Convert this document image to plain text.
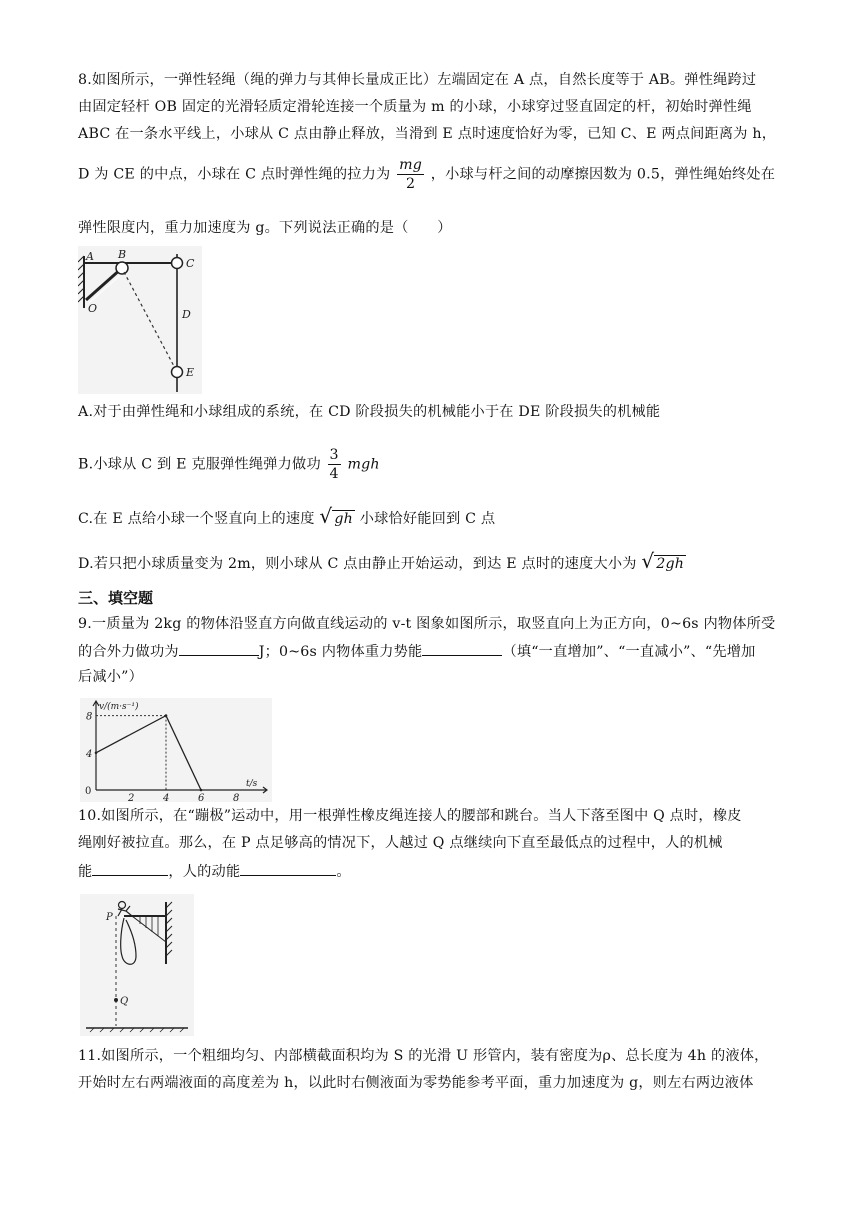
8.如图所示，一弹性轻绳（绳的弹力与其伸长量成正比）左端固定在 A 点，自然长度等于 AB。弹性绳跨过
由固定轻杆 OB 固定的光滑轻质定滑轮连接一个质量为 m 的小球，小球穿过竖直固定的杆，初始时弹性绳
ABC 在一条水平线上，小球从 C 点由静止释放，当滑到 E 点时速度恰好为零，已知 C、E 两点间距离为 h，
D 为 CE 的中点，小球在 C 点时弹性绳的拉力为 $\frac{mg}{2}$ ，小球与杆之间的动摩擦因数为 0.5，弹性绳始终处在
弹性限度内，重力加速度为 g。下列说法正确的是（　　）
A B
C
D
E
O
A.对于由弹性绳和小球组成的系统，在 CD 阶段损失的机械能小于在 DE 阶段损失的机械能
B.小球从 C 到 E 克服弹性绳弹力做功 $\frac{3}{4}$ mgh
C.在 E 点给小球一个竖直向上的速度 √ gh 小球恰好能回到 C 点
D.若只把小球质量变为 2m，则小球从 C 点由静止开始运动，到达 E 点时的速度大小为 √ 2gh
三、填空题
9.一质量为 2kg 的物体沿竖直方向做直线运动的 v-t 图象如图所示，取竖直向上为正方向，0~6s 内物体所受
的合外力做功为	J；0~6s 内物体重力势能	（填“一直增加”、“一直减小”、“先增加
后减小”）
2	4	6	8
4
8
0
v/(m·s⁻¹)
t/s
10.如图所示，在“蹦极”运动中，用一根弹性橡皮绳连接人的腰部和跳台。当人下落至图中 Q 点时，橡皮
绳刚好被拉直。那么，在 P 点足够高的情况下，人越过 Q 点继续向下直至最低点的过程中，人的机械
能	，人的动能	。
P
Q
11.如图所示，一个粗细均匀、内部横截面积均为 S 的光滑 U 形管内，装有密度为ρ、总长度为 4h 的液体，
开始时左右两端液面的高度差为 h，以此时右侧液面为零势能参考平面，重力加速度为 g，则左右两边液体
